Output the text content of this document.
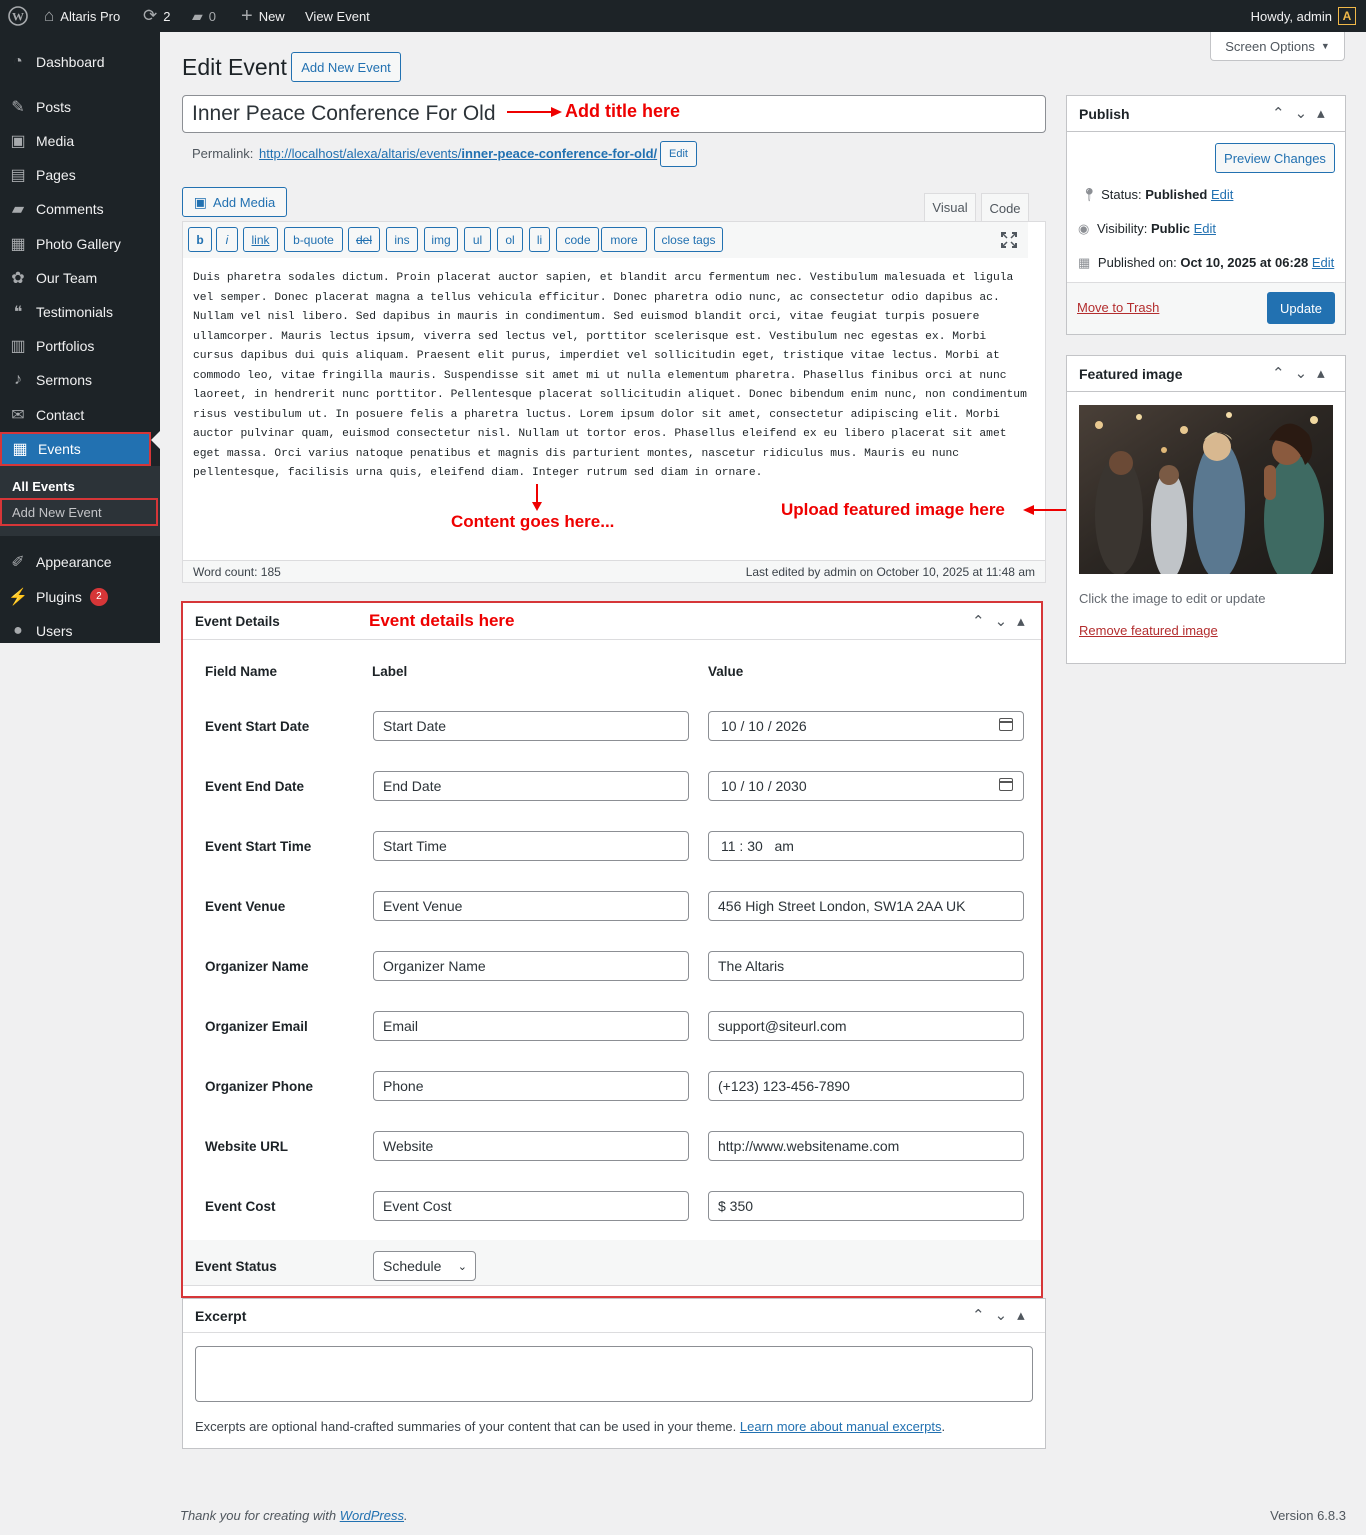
W ⌂ Altaris Pro ⟳ 2 ▰ 0 + New View Event	Howdy, admin A
◔ Dashboard
✎ Posts
▣ Media
▤ Pages
▰ Comments
▦ Photo Gallery
✿ Our Team
❝ Testimonials
▥ Portfolios
♪	Sermons
✉ Contact
▦ Events
✐ Appearance
⚡ Plugins	2
● Users
All Events
Add New Event
Screen Options ▼
Edit Event	Add New Event
Inner Peace Conference For Old	Add title here
Permalink: http://localhost/alexa/altaris/events/inner-peace-conference-for-old/	Edit
▣ Add Media	Visual	Code
b	i	link	b-quote	del	ins	img	ul	ol	li	code	more	close tags
Duis pharetra sodales dictum. Proin placerat auctor sapien, et blandit arcu fermentum nec. Vestibulum malesuada et ligula vel semper. Donec placerat magna a tellus vehicula efficitur. Donec pharetra odio nunc, ac consectetur odio dapibus ac. Nullam vel nisl libero. Sed dapibus in mauris in condimentum. Sed euismod blandit orci, vitae feugiat turpis posuere ullamcorper. Mauris lectus ipsum, viverra sed lectus vel, porttitor scelerisque est. Vestibulum nec egestas ex. Morbi cursus dapibus dui quis aliquam. Praesent elit purus, imperdiet vel sollicitudin eget, tristique vitae lectus. Morbi at commodo leo, vitae fringilla mauris. Suspendisse sit amet mi ut nulla elementum pharetra. Phasellus finibus orci at nunc laoreet, in hendrerit nunc porttitor. Pellentesque placerat sollicitudin aliquet. Donec bibendum enim nunc, non condimentum risus vestibulum ut. In posuere felis a pharetra luctus. Lorem ipsum dolor sit amet, consectetur adipiscing elit. Morbi auctor pulvinar quam, euismod consectetur nisl. Nullam ut tortor eros. Phasellus eleifend ex eu libero placerat sit amet eget massa. Orci varius natoque penatibus et magnis dis parturient montes, nascetur ridiculus mus. Mauris eu nunc pellentesque, facilisis urna quis, eleifend diam. Integer rutrum sed diam in ornare.
Content goes here...
Upload featured image here
Word count: 185	Last edited by admin on October 10, 2025 at 11:48 am
Publish	⌃⌄▴
Preview Changes
📍︎ Status: Published Edit
◉ Visibility: Public Edit
▦ Published on: Oct 10, 2025 at 06:28 Edit
Move to Trash	Update
Featured image	⌃⌄▴
Click the image to edit or update
Remove featured image
Event Details	Event details here	⌃⌄▴
Field Name	Label	Value
Event Start Date	Start Date	10 / 10 / 2026
Event End Date	End Date	10 / 10 / 2030
Event Start Time	Start Time	11 : 30   am
Event Venue	Event Venue	456 High Street London, SW1A 2AA UK
Organizer Name	Organizer Name	The Altaris
Organizer Email	Email	support@siteurl.com
Organizer Phone	Phone	(+123) 123-456-7890
Website URL	Website	http://www.websitename.com
Event Cost	Event Cost	$ 350
Event Status	Schedule ⌄
Excerpt	⌃⌄▴
Excerpts are optional hand-crafted summaries of your content that can be used in your theme. Learn more about manual excerpts.
Thank you for creating with WordPress.	Version 6.8.3
